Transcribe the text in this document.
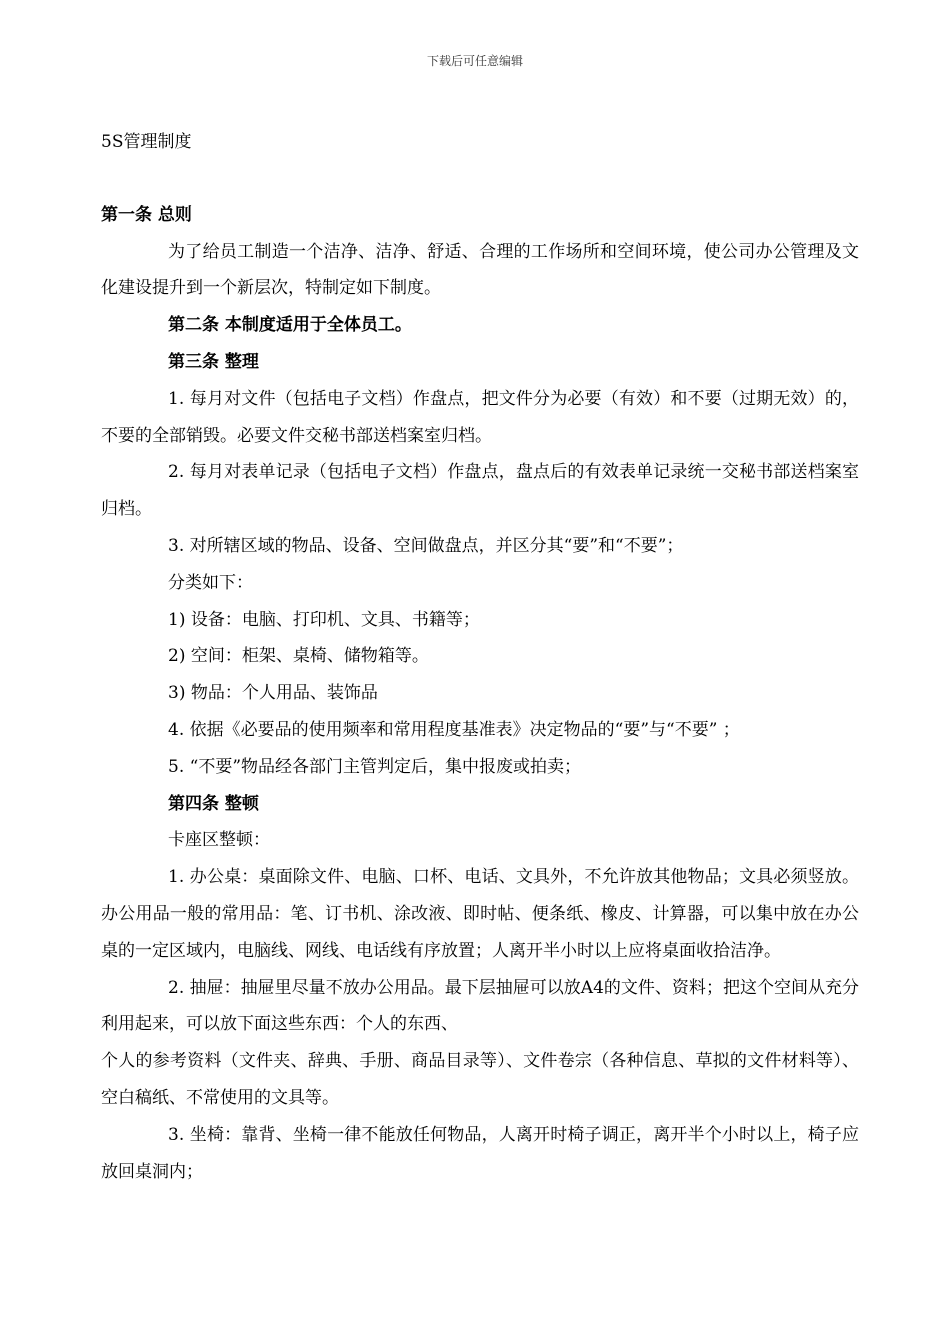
下载后可任意编辑
5S管理制度
第一条 总则
为了给员工制造一个洁净、洁净、舒适、合理的工作场所和空间环境，使公司办公管理及文化建设提升到一个新层次，特制定如下制度。
第二条 本制度适用于全体员工。
第三条 整理
1. 每月对文件（包括电子文档）作盘点，把文件分为必要（有效）和不要（过期无效）的，不要的全部销毁。必要文件交秘书部送档案室归档。
2. 每月对表单记录（包括电子文档）作盘点，盘点后的有效表单记录统一交秘书部送档案室归档。
3. 对所辖区域的物品、设备、空间做盘点，并区分其“要”和“不要”；
分类如下：
1) 设备：电脑、打印机、文具、书籍等；
2) 空间：柜架、桌椅、储物箱等。
3) 物品：个人用品、装饰品
4. 依据《必要品的使用频率和常用程度基准表》决定物品的“要”与“不要” ；
5. “不要”物品经各部门主管判定后，集中报废或拍卖；
第四条 整顿
卡座区整顿：
1. 办公桌：桌面除文件、电脑、口杯、电话、文具外，不允许放其他物品；文具必须竖放。办公用品一般的常用品：笔、订书机、涂改液、即时帖、便条纸、橡皮、计算器，可以集中放在办公桌的一定区域内，电脑线、网线、电话线有序放置；人离开半小时以上应将桌面收拾洁净。
2. 抽屉：抽屉里尽量不放办公用品。最下层抽屉可以放A4的文件、资料；把这个空间从充分利用起来，可以放下面这些东西：个人的东西、
个人的参考资料（文件夹、辞典、手册、商品目录等）、文件卷宗（各种信息、草拟的文件材料等）、空白稿纸、不常使用的文具等。
3. 坐椅：靠背、坐椅一律不能放任何物品，人离开时椅子调正，离开半个小时以上，椅子应放回桌洞内；
